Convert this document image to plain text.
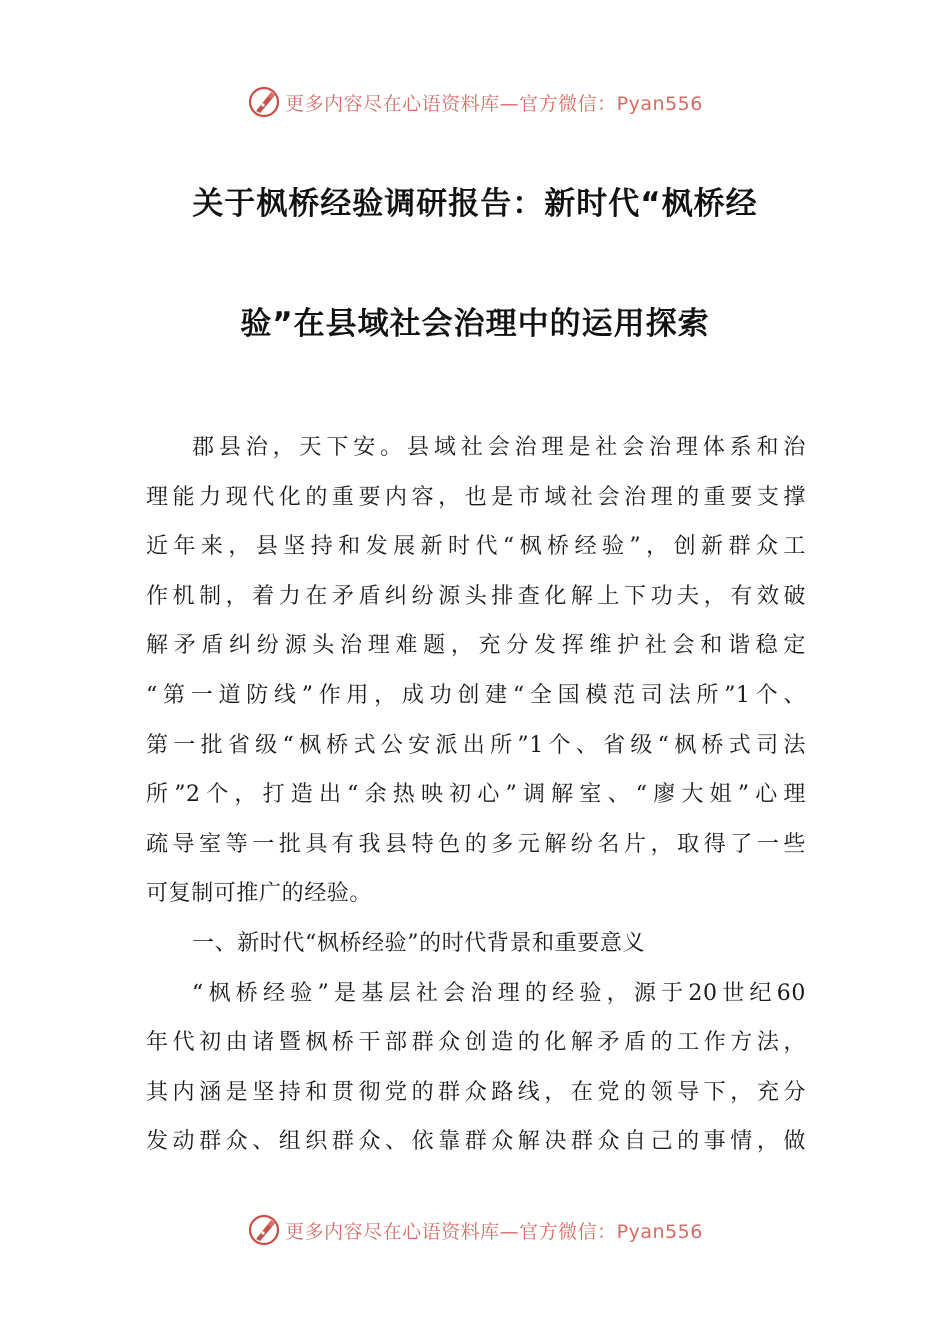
更多内容尽在心语资料库—官方微信：Pyan556
关于枫桥经验调研报告：新时代“枫桥经
验”在县域社会治理中的运用探索
郡县治，天下安。县域社会治理是社会治理体系和治
理能力现代化的重要内容，也是市域社会治理的重要支撑
近年来，县坚持和发展新时代“枫桥经验”，创新群众工
作机制，着力在矛盾纠纷源头排查化解上下功夫，有效破
解矛盾纠纷源头治理难题，充分发挥维护社会和谐稳定
“第一道防线”作用，成功创建“全国模范司法所”1个、
第一批省级“枫桥式公安派出所”1个、省级“枫桥式司法
所”2个，打造出“余热映初心”调解室、“廖大姐”心理
疏导室等一批具有我县特色的多元解纷名片，取得了一些
可复制可推广的经验。
一、新时代“枫桥经验”的时代背景和重要意义
“枫桥经验”是基层社会治理的经验，源于20世纪60
年代初由诸暨枫桥干部群众创造的化解矛盾的工作方法，
其内涵是坚持和贯彻党的群众路线，在党的领导下，充分
发动群众、组织群众、依靠群众解决群众自己的事情，做
更多内容尽在心语资料库—官方微信：Pyan556
